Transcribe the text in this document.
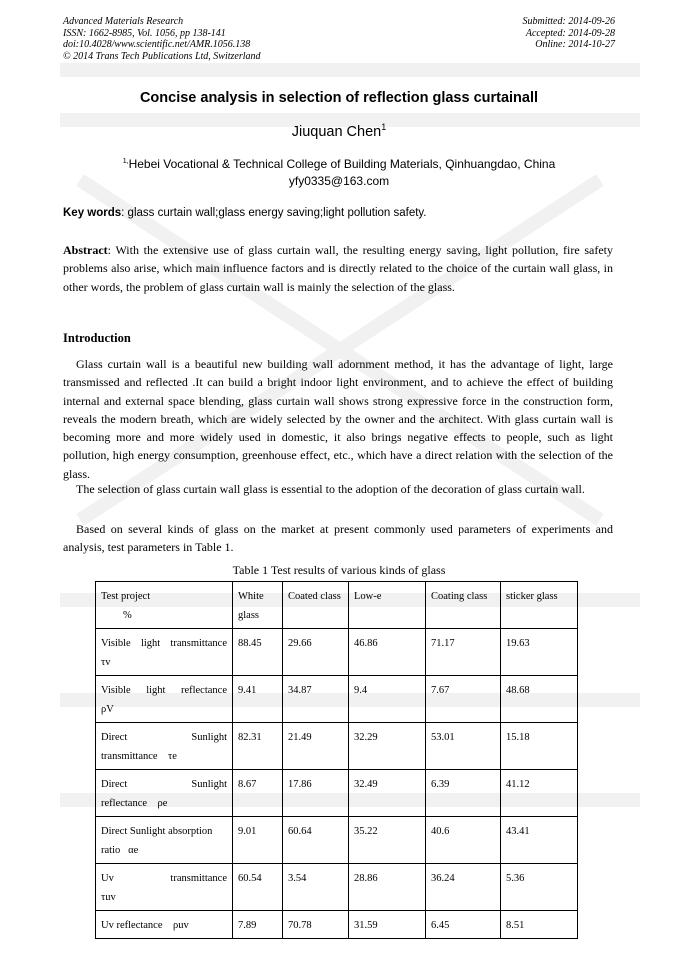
Advanced Materials Research
ISSN: 1662-8985, Vol. 1056, pp 138-141
doi:10.4028/www.scientific.net/AMR.1056.138
© 2014 Trans Tech Publications Ltd, Switzerland
Submitted: 2014-09-26
Accepted: 2014-09-28
Online: 2014-10-27
Concise analysis in selection of reflection glass curtainall
Jiuquan Chen$^1$
$^{1,}$Hebei Vocational & Technical College of Building Materials, Qinhuangdao, China
yfy0335@163.com
Key words: glass curtain wall;glass energy saving;light pollution safety.

Abstract: With the extensive use of glass curtain wall, the resulting energy saving, light pollution, fire safety problems also arise, which main influence factors and is directly related to the choice of the curtain wall glass, in other words, the problem of glass curtain wall is mainly the selection of the glass.

Introduction

Glass curtain wall is a beautiful new building wall adornment method, it has the advantage of light, large transmissed and reflected .It can build a bright indoor light environment, and to achieve the effect of building internal and external space blending, glass curtain wall shows strong expressive force in the construction form, reveals the modern breath, which are widely selected by the owner and the architect. With glass curtain wall is becoming more and more widely used in domestic, it also brings negative effects to people, such as light pollution, high energy consumption, greenhouse effect, etc., which have a direct relation with the selection of the glass.

The selection of glass curtain wall glass is essential to the adoption of the decoration of glass curtain wall.

Based on several kinds of glass on the market at present commonly used parameters of experiments and analysis, test parameters in Table 1.

Table 1 Test results of various kinds of glass
Test project
%	White glass	Coated class	Low-e	Coating class	sticker glass

Visible light transmittance
τv	88.45	29.66	46.86	71.17	19.63

Visible light reflectance
ρV	9.41	34.87	9.4	7.67	48.68

Direct Sunlight
transmittance    τe	82.31	21.49	32.29	53.01	15.18

Direct Sunlight
reflectance    ρe	8.67	17.86	32.49	6.39	41.12

Direct Sunlight absorption
ratio   αe	9.01	60.64	35.22	40.6	43.41

Uv transmittance
τuv	60.54	3.54	28.86	36.24	5.36

Uv reflectance    ρuv	7.89	70.78	31.59	6.45	8.51
